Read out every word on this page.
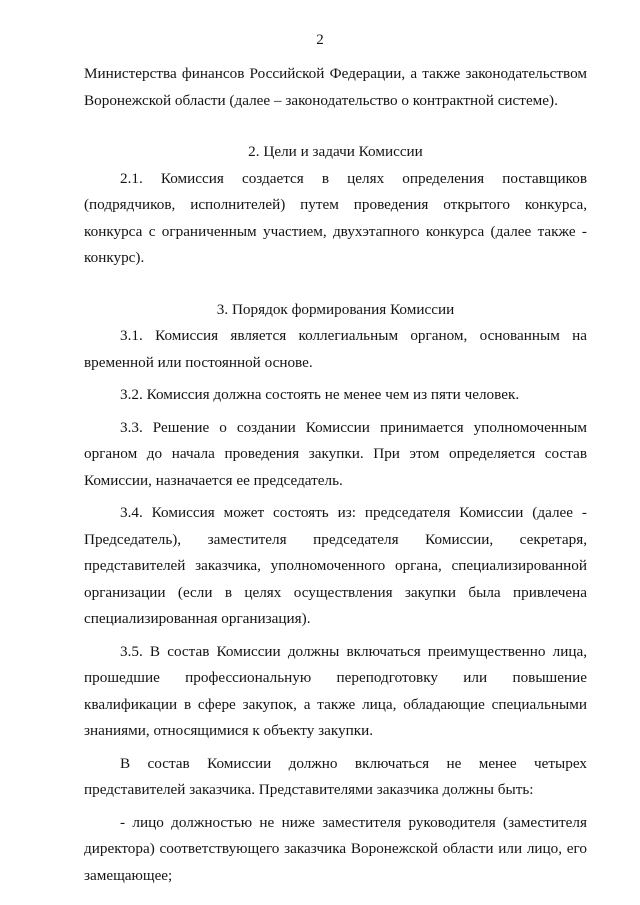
2

Министерства финансов Российской Федерации, а также законодательством Воронежской области (далее – законодательство о контрактной системе).

2. Цели и задачи Комиссии

2.1. Комиссия создается в целях определения поставщиков (подрядчиков, исполнителей) путем проведения открытого конкурса, конкурса с ограниченным участием, двухэтапного конкурса (далее также - конкурс).

3. Порядок формирования Комиссии

3.1. Комиссия является коллегиальным органом, основанным на временной или постоянной основе.

3.2. Комиссия должна состоять не менее чем из пяти человек.

3.3. Решение о создании Комиссии принимается уполномоченным органом до начала проведения закупки. При этом определяется состав Комиссии, назначается ее председатель.

3.4. Комиссия может состоять из: председателя Комиссии (далее - Председатель), заместителя председателя Комиссии, секретаря, представителей заказчика, уполномоченного органа, специализированной организации (если в целях осуществления закупки была привлечена специализированная организация).

3.5. В состав Комиссии должны включаться преимущественно лица, прошедшие профессиональную переподготовку или повышение квалификации в сфере закупок, а также лица, обладающие специальными знаниями, относящимися к объекту закупки.

В состав Комиссии должно включаться не менее четырех представителей заказчика. Представителями заказчика должны быть:

- лицо должностью не ниже заместителя руководителя (заместителя директора) соответствующего заказчика Воронежской области или лицо, его замещающее;
